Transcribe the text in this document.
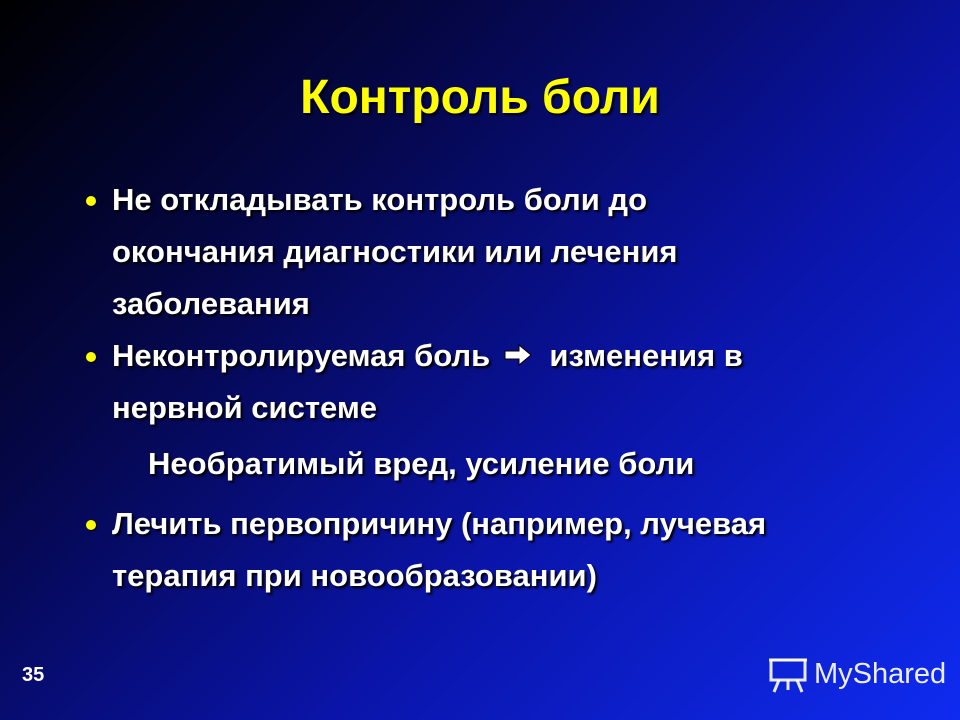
Контроль боли
Не откладывать контроль боли до
окончания диагностики или лечения
заболевания
Неконтролируемая боль изменения в
нервной системе
Необратимый вред, усиление боли
Лечить первопричину (например, лучевая
терапия при новообразовании)
35	MyShared
